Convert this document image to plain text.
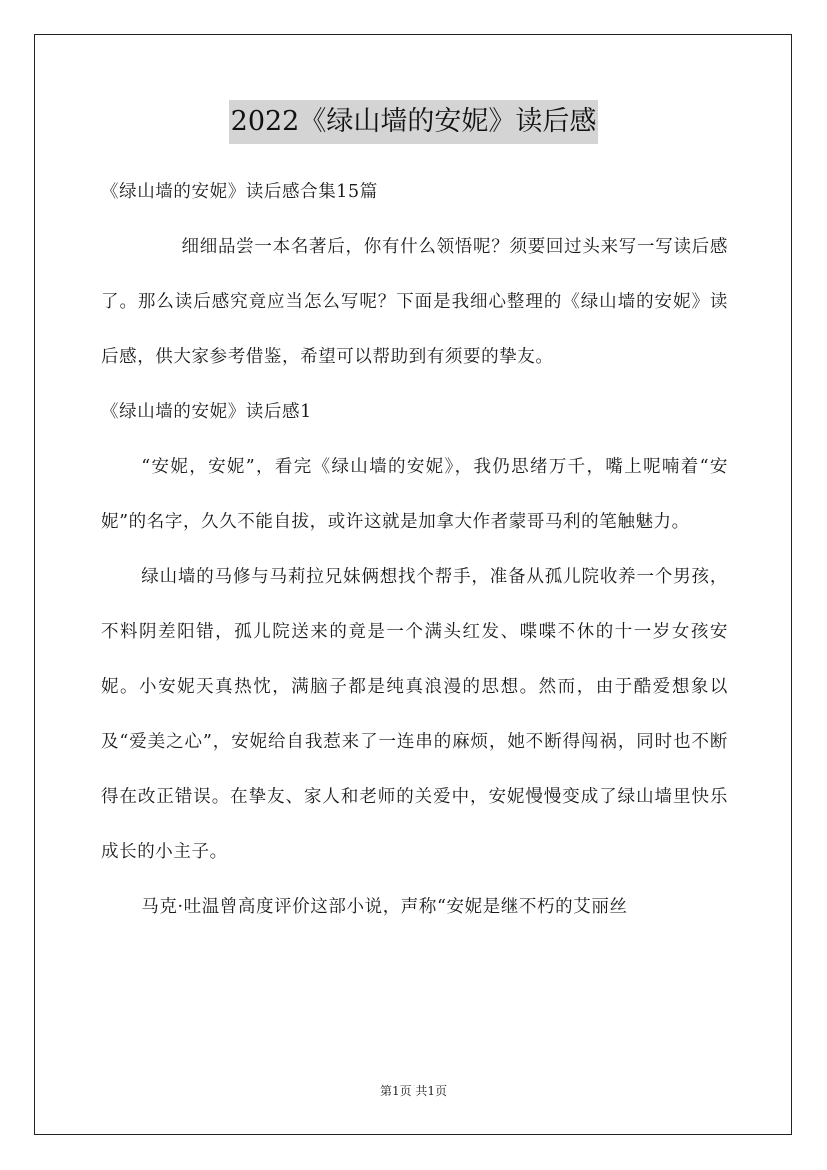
2022《绿山墙的安妮》读后感

《绿山墙的安妮》读后感合集15篇

细细品尝一本名著后，你有什么领悟呢？须要回过头来写一写读后感了。那么读后感究竟应当怎么写呢？下面是我细心整理的《绿山墙的安妮》读后感，供大家参考借鉴，希望可以帮助到有须要的挚友。

《绿山墙的安妮》读后感1

“安妮，安妮”，看完《绿山墙的安妮》，我仍思绪万千，嘴上呢喃着“安妮”的名字，久久不能自拔，或许这就是加拿大作者蒙哥马利的笔触魅力。

绿山墙的马修与马莉拉兄妹俩想找个帮手，准备从孤儿院收养一个男孩，不料阴差阳错，孤儿院送来的竟是一个满头红发、喋喋不休的十一岁女孩安妮。小安妮天真热忱，满脑子都是纯真浪漫的思想。然而，由于酷爱想象以及“爱美之心”，安妮给自我惹来了一连串的麻烦，她不断得闯祸，同时也不断得在改正错误。在挚友、家人和老师的关爱中，安妮慢慢变成了绿山墙里快乐成长的小主子。

马克·吐温曾高度评价这部小说，声称“安妮是继不朽的艾丽丝

第1页 共1页
